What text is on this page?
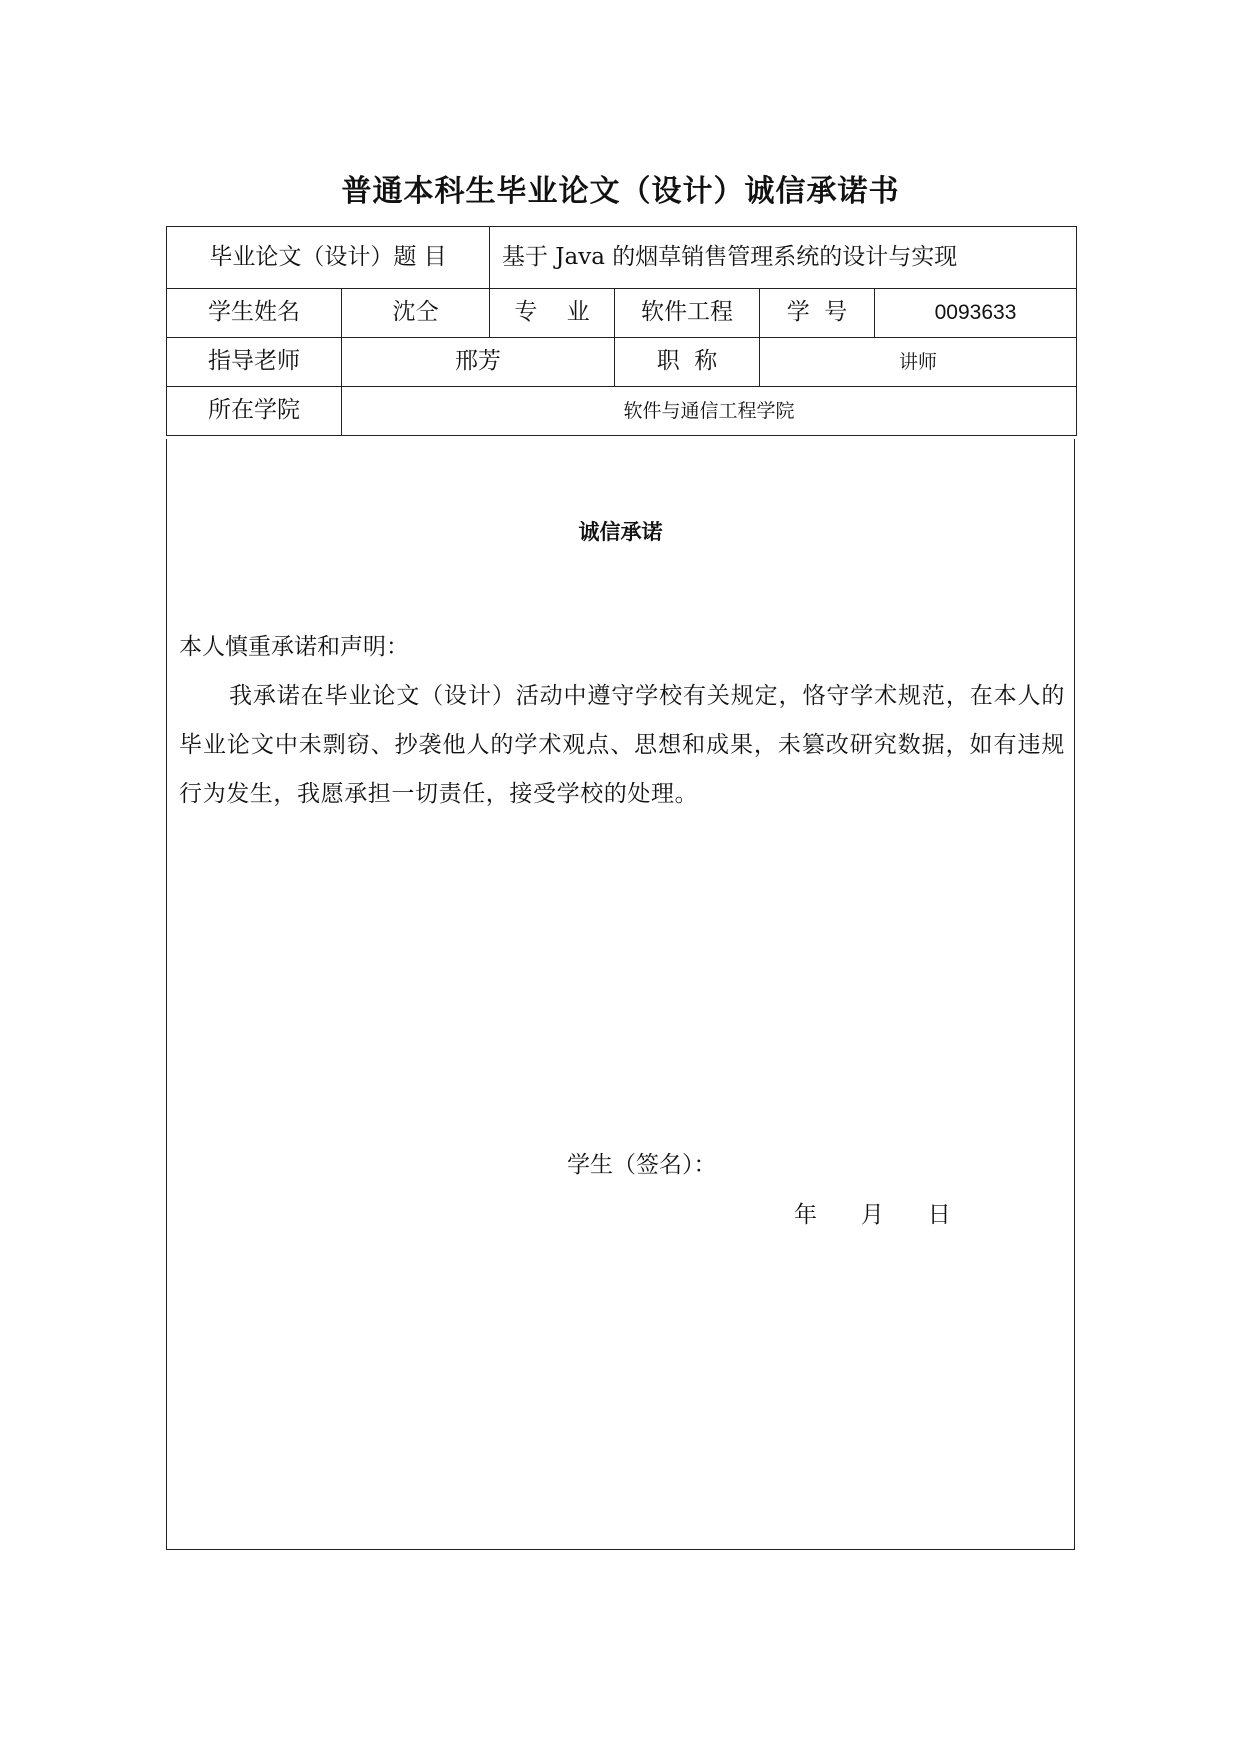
普通本科生毕业论文（设计）诚信承诺书
毕业论文（设计）题 目		基于 Java 的烟草销售管理系统的设计与实现			
学生姓名	沈仝	专    业	软件工程	学  号	0093633
指导老师	邢芳		职  称	讲师	
所在学院	软件与通信工程学院				
诚信承诺
本人慎重承诺和声明：
我承诺在毕业论文（设计）活动中遵守学校有关规定，恪守学术规范，在本人的毕业论文中未剽窃、抄袭他人的学术观点、思想和成果，未篡改研究数据，如有违规行为发生，我愿承担一切责任，接受学校的处理。
学生（签名）：
年      月      日
